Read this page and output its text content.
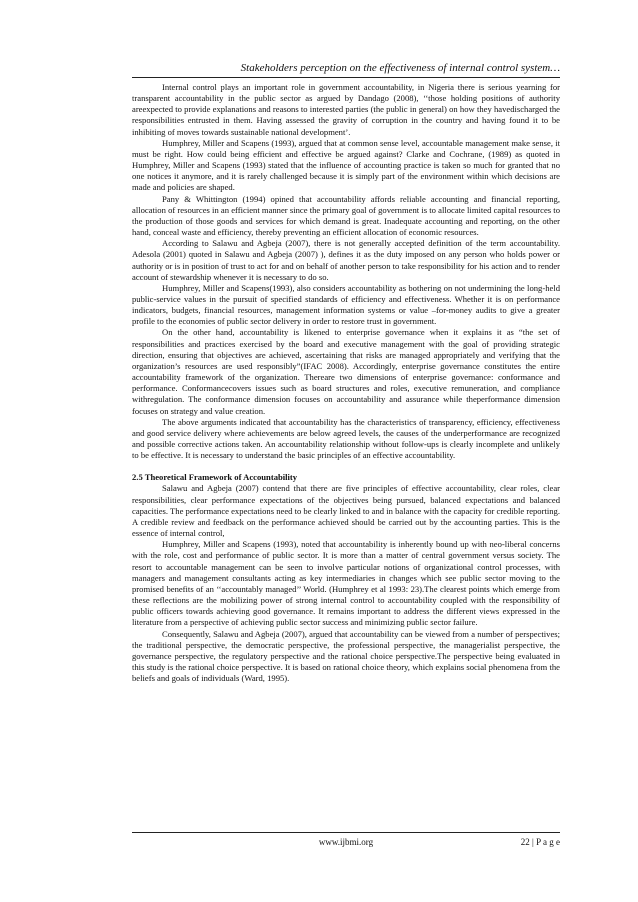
Stakeholders perception on the effectiveness of internal control system…

Internal control plays an important role in government accountability, in Nigeria there is serious yearning for transparent accountability in the public sector as argued by Dandago (2008), ‘‘those holding positions of authority areexpected to provide explanations and reasons to interested parties (the public in general) on how they havedischarged the responsibilities entrusted in them. Having assessed the gravity of corruption in the country and having found it to be inhibiting of moves towards sustainable national development’.

Humphrey, Miller and Scapens (1993), argued that at common sense level, accountable management make sense, it must be right. How could being efficient and effective be argued against? Clarke and Cochrane, (1989) as quoted in Humphrey, Miller and Scapens (1993) stated that the influence of accounting practice is taken so much for granted that no one notices it anymore, and it is rarely challenged because it is simply part of the environment within which decisions are made and policies are shaped.

Pany & Whittington (1994) opined that accountability affords reliable accounting and financial reporting, allocation of resources in an efficient manner since the primary goal of government is to allocate limited capital resources to the production of those goods and services for which demand is great. Inadequate accounting and reporting, on the other hand, conceal waste and efficiency, thereby preventing an efficient allocation of economic resources.

According to Salawu and Agbeja (2007), there is not generally accepted definition of the term accountability. Adesola (2001) quoted in Salawu and Agbeja (2007) ), defines it as the duty imposed on any person who holds power or authority or is in position of trust to act for and on behalf of another person to take responsibility for his action and to render account of stewardship whenever it is necessary to do so.

Humphrey, Miller and Scapens(1993), also considers accountability as bothering on not undermining the long-held public-service values in the pursuit of specified standards of efficiency and effectiveness. Whether it is on performance indicators, budgets, financial resources, management information systems or value –for-money audits to give a greater profile to the economies of public sector delivery in order to restore trust in government.

On the other hand, accountability is likened to enterprise governance when it explains it as “the set of responsibilities and practices exercised by the board and executive management with the goal of providing strategic direction, ensuring that objectives are achieved, ascertaining that risks are managed appropriately and verifying that the organization’s resources are used responsibly”(IFAC 2008). Accordingly, enterprise governance constitutes the entire accountability framework of the organization. Thereare two dimensions of enterprise governance: conformance and performance. Conformancecovers issues such as board structures and roles, executive remuneration, and compliance withregulation. The conformance dimension focuses on accountability and assurance while theperformance dimension focuses on strategy and value creation.

The above arguments indicated that accountability has the characteristics of transparency, efficiency, effectiveness and good service delivery where achievements are below agreed levels, the causes of the underperformance are recognized and possible corrective actions taken. An accountability relationship without follow-ups is clearly incomplete and unlikely to be effective. It is necessary to understand the basic principles of an effective accountability.

2.5 Theoretical Framework of Accountability

Salawu and Agbeja (2007) contend that there are five principles of effective accountability, clear roles, clear responsibilities, clear performance expectations of the objectives being pursued, balanced expectations and balanced capacities. The performance expectations need to be clearly linked to and in balance with the capacity for credible reporting. A credible review and feedback on the performance achieved should be carried out by the accounting parties. This is the essence of internal control,

Humphrey, Miller and Scapens (1993), noted that accountability is inherently bound up with neo-liberal concerns with the role, cost and performance of public sector. It is more than a matter of central government versus society. The resort to accountable management can be seen to involve particular notions of organizational control processes, with managers and management consultants acting as key intermediaries in changes which see public sector moving to the promised benefits of an ‘‘accountably managed’’ World. (Humphrey et al 1993: 23).The clearest points which emerge from these reflections are the mobilizing power of strong internal control to accountability coupled with the responsibility of public officers towards achieving good governance. It remains important to address the different views expressed in the literature from a perspective of achieving public sector success and minimizing public sector failure.

Consequently, Salawu and Agbeja (2007), argued that accountability can be viewed from a number of perspectives; the traditional perspective, the democratic perspective, the professional perspective, the managerialist perspective, the governance perspective, the regulatory perspective and the rational choice perspective.The perspective being evaluated in this study is the rational choice perspective. It is based on rational choice theory, which explains social phenomena from the beliefs and goals of individuals (Ward, 1995).

www.ijbmi.org	22 | P a g e
